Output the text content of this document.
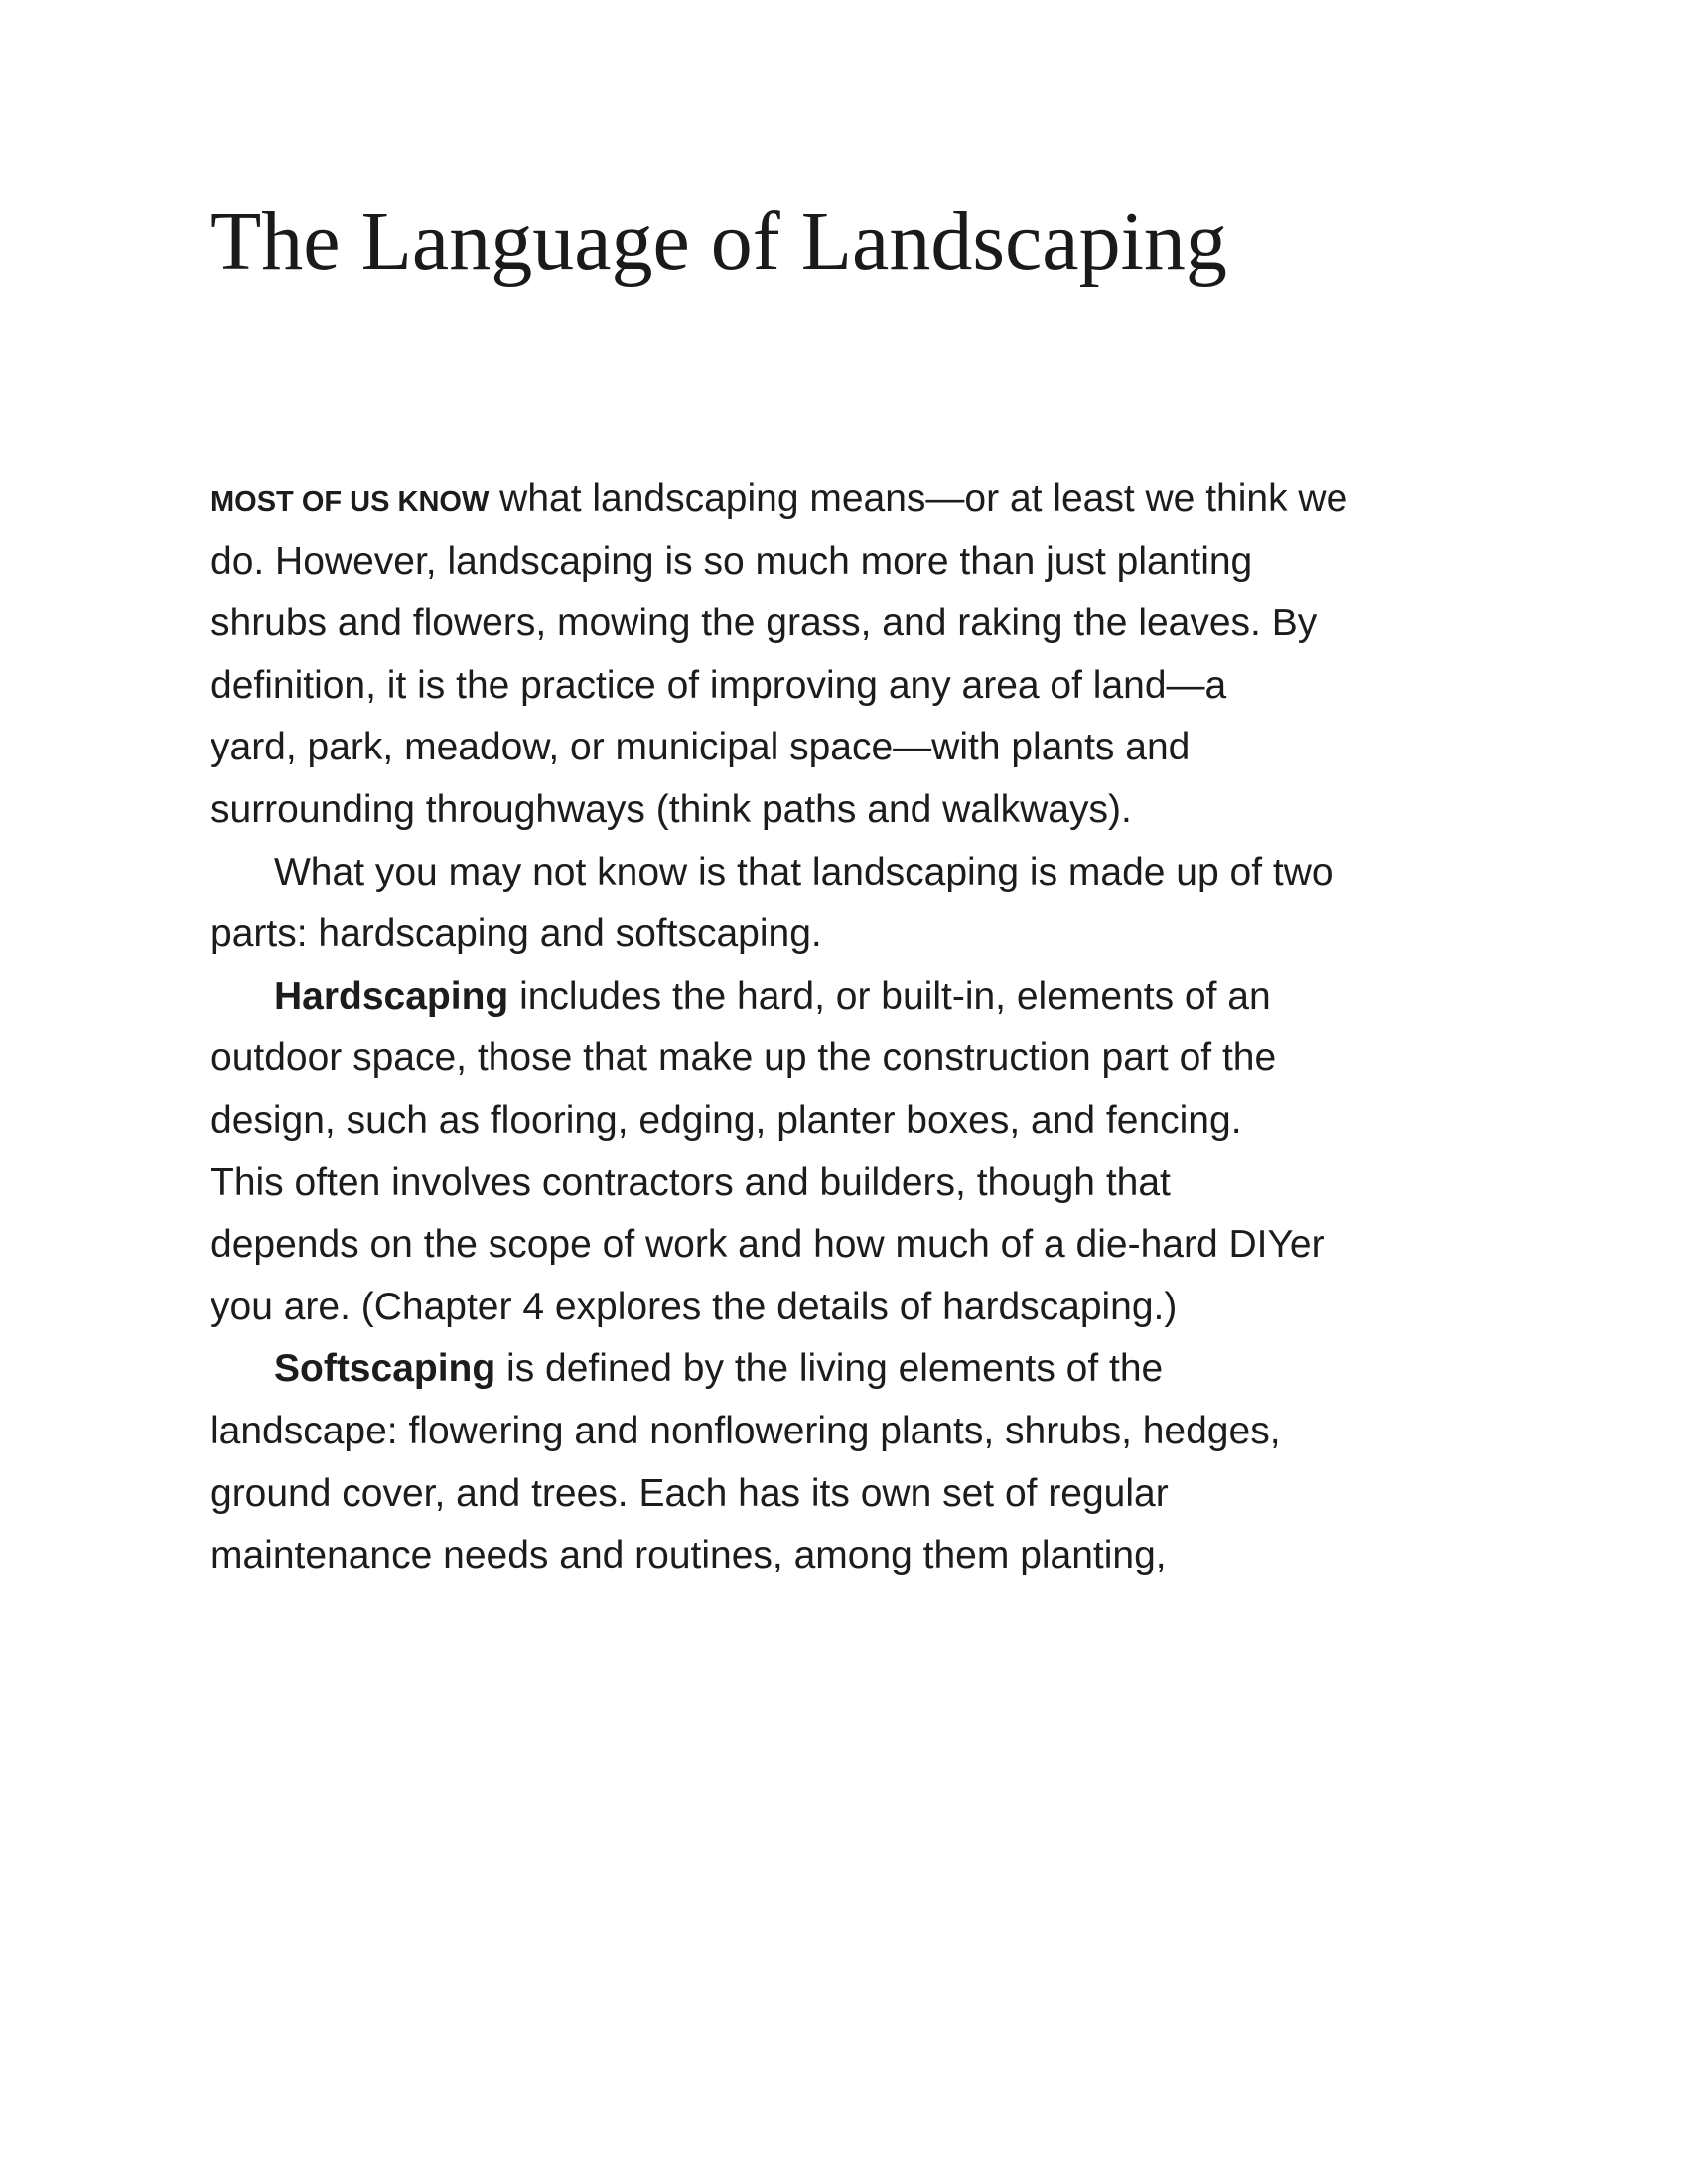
The Language of Landscaping
MOST OF US KNOW what landscaping means—or at least we think we
do. However, landscaping is so much more than just planting
shrubs and flowers, mowing the grass, and raking the leaves. By
definition, it is the practice of improving any area of land—a
yard, park, meadow, or municipal space—with plants and
surrounding throughways (think paths and walkways).
What you may not know is that landscaping is made up of two
parts: hardscaping and softscaping.
Hardscaping includes the hard, or built-in, elements of an
outdoor space, those that make up the construction part of the
design, such as flooring, edging, planter boxes, and fencing.
This often involves contractors and builders, though that
depends on the scope of work and how much of a die-hard DIYer
you are. (Chapter 4 explores the details of hardscaping.)
Softscaping is defined by the living elements of the
landscape: flowering and nonflowering plants, shrubs, hedges,
ground cover, and trees. Each has its own set of regular
maintenance needs and routines, among them planting,
